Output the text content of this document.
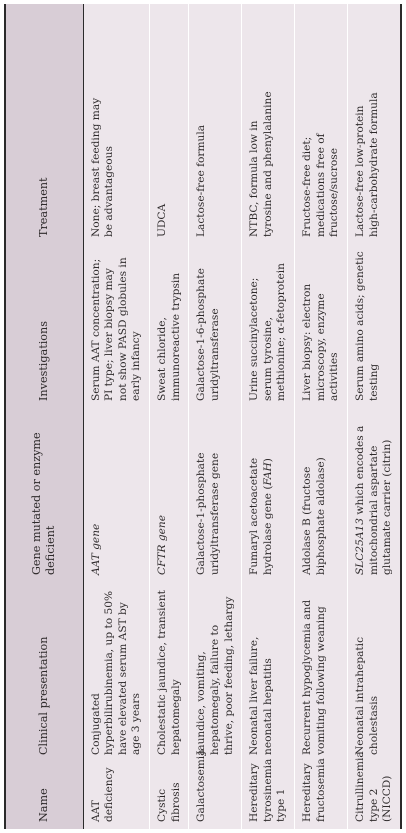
Name	Clinical presentation	Gene mutated or enzyme deficient	Investigations	Treatment	
AAT deficiency	Conjugated hyperbilirubinemia, up to 50% have elevated serum AST by age 3 years	AAT gene	Serum AAT concentration; PI type; liver biopsy may not show PASD globules in early infancy	None; breast feeding may be advantageous	
Cystic fibrosis	Cholestatic jaundice, transient hepatomegaly	CFTR gene	Sweat chloride, immunoreactive trypsin	UDCA	
Galactosemia	Jaundice, vomiting, hepatomegaly, failure to thrive, poor feeding, lethargy	Galactose-1-phosphate uridyltransferase gene	Galactose-1-6-phosphate uridyltransferase	Lactose-free formula	
Hereditary tyrosinemia type 1	Neonatal liver failure, neonatal hepatitis	Fumaryl acetoacetate hydrolase gene (FAH)	Urine succinylacetone; serum tyrosine, methionine; α-fetoprotein	NTBC, formula low in tyrosine and phenylalanine	
Hereditary fructosemia	Recurrent hypoglycemia and vomiting following weaning	Aldolase B (fructose biphosphate aldolase)	Liver biopsy: electron microscopy, enzyme activities	Fructose-free diet; medications free of fructose/sucrose	
Citrullinemia type 2 (NICCD)	Neonatal intrahepatic cholestasis	SLC25A13 which encodes a mitochondrial aspartate glutamate carrier (citrin)	Serum amino acids; genetic testing	Lactose-free low-protein high-carbohydrate formula	
